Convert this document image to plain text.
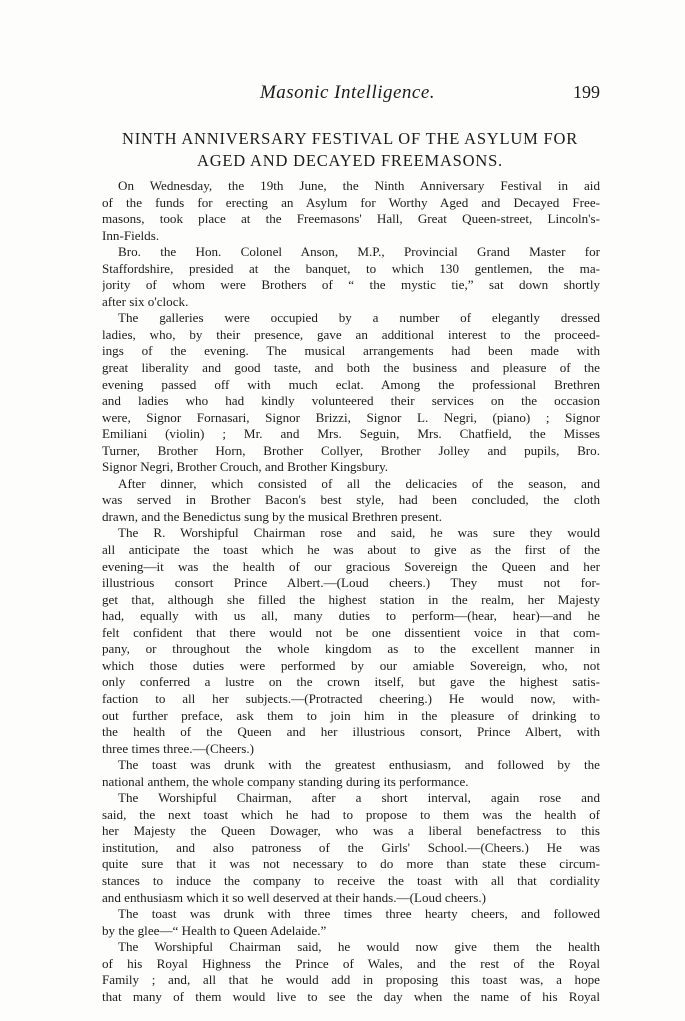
Masonic Intelligence.	199
NINTH ANNIVERSARY FESTIVAL OF THE ASYLUM FOR
AGED AND DECAYED FREEMASONS.
On Wednesday, the 19th June, the Ninth Anniversary Festival in aid
of the funds for erecting an Asylum for Worthy Aged and Decayed Free-
masons, took place at the Freemasons' Hall, Great Queen-street, Lincoln's-
Inn-Fields.
Bro. the Hon. Colonel Anson, M.P., Provincial Grand Master for
Staffordshire, presided at the banquet, to which 130 gentlemen, the ma-
jority of whom were Brothers of “ the mystic tie,” sat down shortly
after six o'clock.
The galleries were occupied by a number of elegantly dressed
ladies, who, by their presence, gave an additional interest to the proceed-
ings of the evening. The musical arrangements had been made with
great liberality and good taste, and both the business and pleasure of the
evening passed off with much eclat. Among the professional Brethren
and ladies who had kindly volunteered their services on the occasion
were, Signor Fornasari, Signor Brizzi, Signor L. Negri, (piano) ; Signor
Emiliani (violin) ; Mr. and Mrs. Seguin, Mrs. Chatfield, the Misses
Turner, Brother Horn, Brother Collyer, Brother Jolley and pupils, Bro.
Signor Negri, Brother Crouch, and Brother Kingsbury.
After dinner, which consisted of all the delicacies of the season, and
was served in Brother Bacon's best style, had been concluded, the cloth
drawn, and the Benedictus sung by the musical Brethren present.
The R. Worshipful Chairman rose and said, he was sure they would
all anticipate the toast which he was about to give as the first of the
evening—it was the health of our gracious Sovereign the Queen and her
illustrious consort Prince Albert.—(Loud cheers.) They must not for-
get that, although she filled the highest station in the realm, her Majesty
had, equally with us all, many duties to perform—(hear, hear)—and he
felt confident that there would not be one dissentient voice in that com-
pany, or throughout the whole kingdom as to the excellent manner in
which those duties were performed by our amiable Sovereign, who, not
only conferred a lustre on the crown itself, but gave the highest satis-
faction to all her subjects.—(Protracted cheering.) He would now, with-
out further preface, ask them to join him in the pleasure of drinking to
the health of the Queen and her illustrious consort, Prince Albert, with
three times three.—(Cheers.)
The toast was drunk with the greatest enthusiasm, and followed by the
national anthem, the whole company standing during its performance.
The Worshipful Chairman, after a short interval, again rose and
said, the next toast which he had to propose to them was the health of
her Majesty the Queen Dowager, who was a liberal benefactress to this
institution, and also patroness of the Girls' School.—(Cheers.) He was
quite sure that it was not necessary to do more than state these circum-
stances to induce the company to receive the toast with all that cordiality
and enthusiasm which it so well deserved at their hands.—(Loud cheers.)
The toast was drunk with three times three hearty cheers, and followed
by the glee—“ Health to Queen Adelaide.”
The Worshipful Chairman said, he would now give them the health
of his Royal Highness the Prince of Wales, and the rest of the Royal
Family ; and, all that he would add in proposing this toast was, a hope
that many of them would live to see the day when the name of his Royal
